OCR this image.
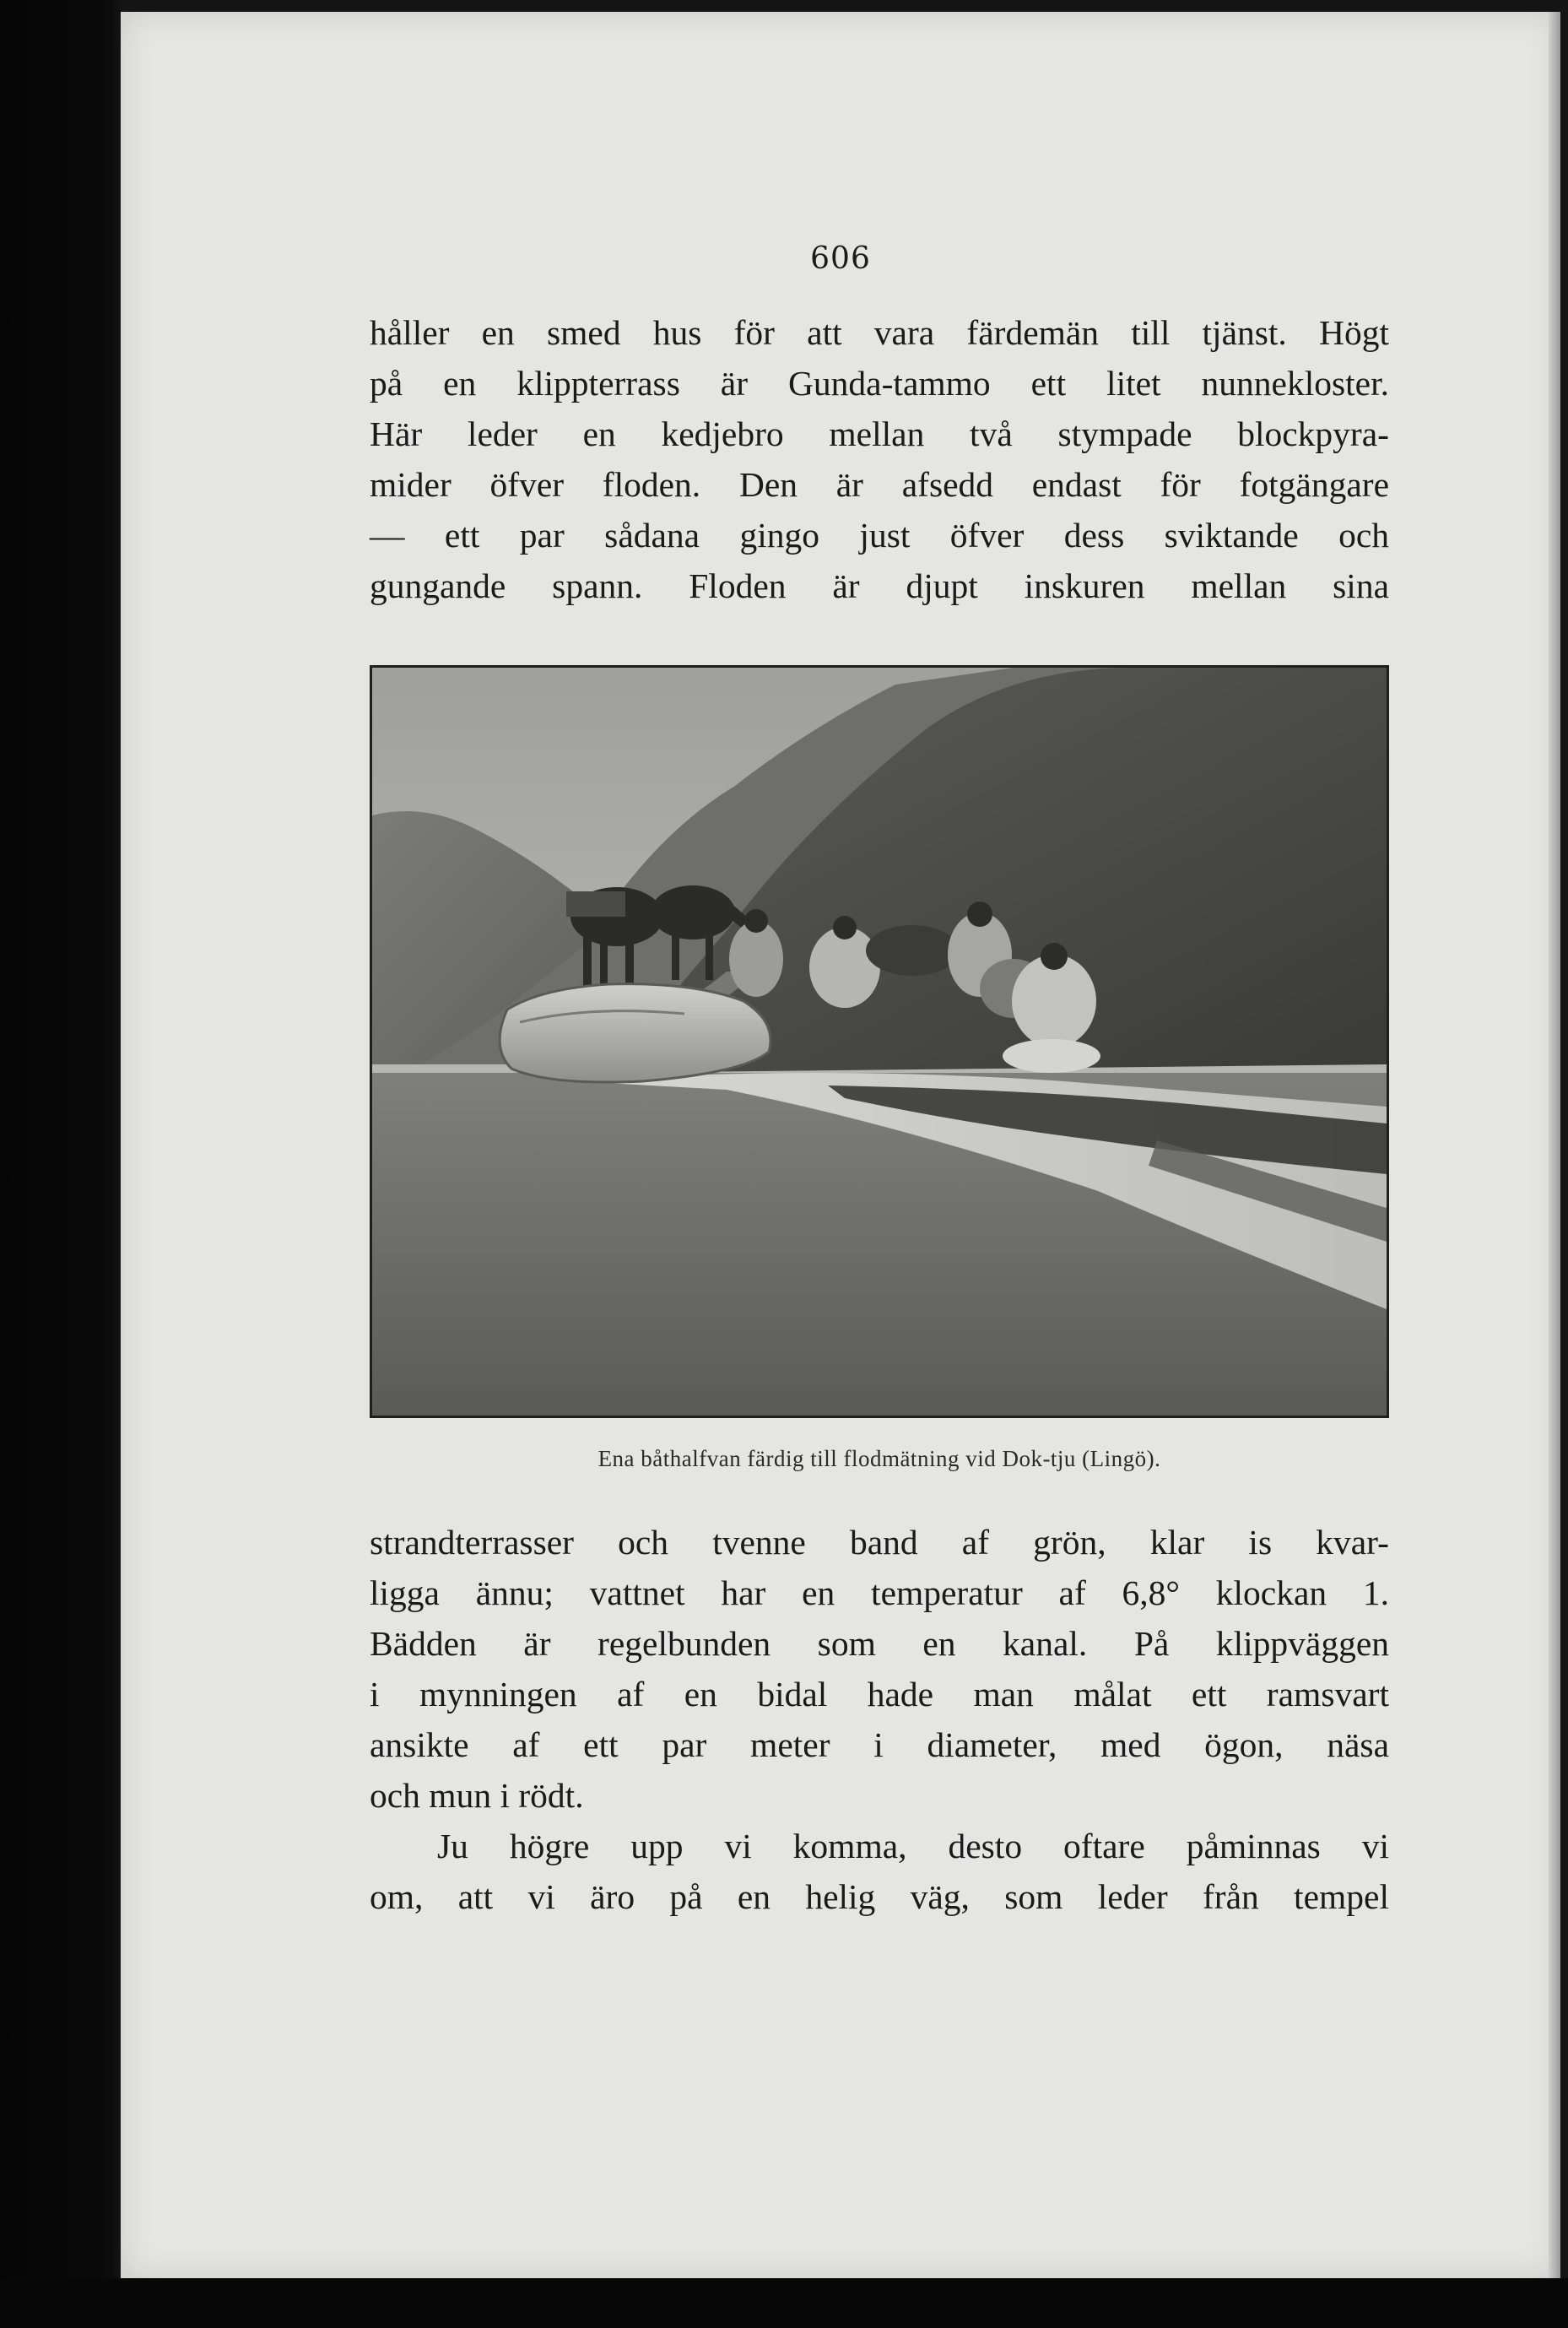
606
håller en smed hus för att vara färdemän till tjänst. Högt
på en klippterrass är Gunda-tammo ett litet nunnekloster.
Här leder en kedjebro mellan två stympade blockpyra-
mider öfver floden. Den är afsedd endast för fotgängare
— ett par sådana gingo just öfver dess sviktande och
gungande spann. Floden är djupt inskuren mellan sina
Ena båthalfvan färdig till flodmätning vid Dok-tju (Lingö).
strandterrasser och tvenne band af grön, klar is kvar-
ligga ännu; vattnet har en temperatur af 6,8° klockan 1.
Bädden är regelbunden som en kanal. På klippväggen
i mynningen af en bidal hade man målat ett ramsvart
ansikte af ett par meter i diameter, med ögon, näsa
och mun i rödt.
Ju högre upp vi komma, desto oftare påminnas vi
om, att vi äro på en helig väg, som leder från tempel
